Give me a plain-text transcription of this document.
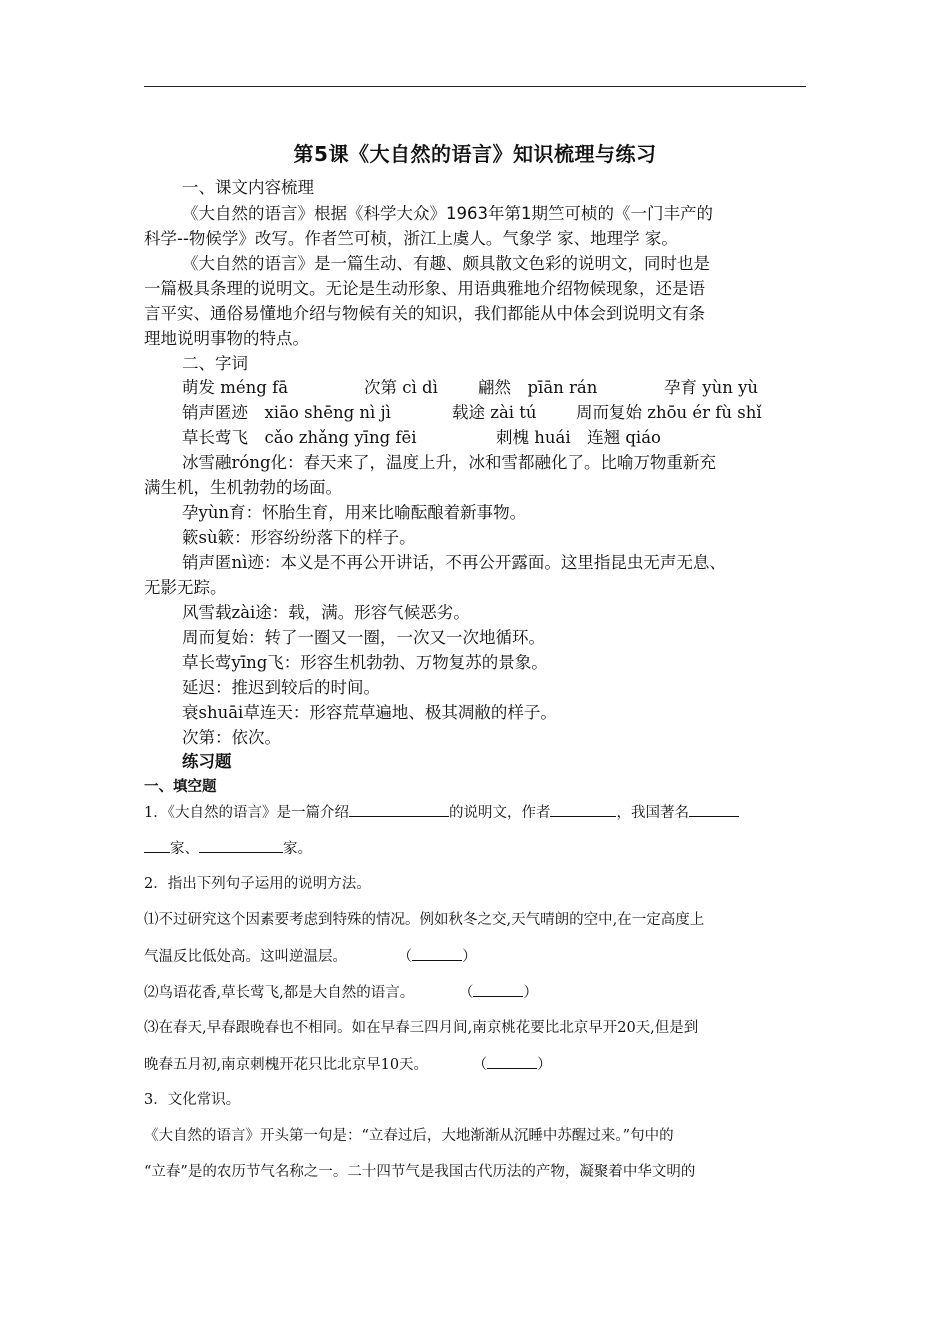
第5课《大自然的语言》知识梳理与练习
一、课文内容梳理
《大自然的语言》根据《科学大众》1963年第1期竺可桢的《一门丰产的
科学--物候学》改写。作者竺可桢，浙江上虞人。气象学 家、地理学 家。
《大自然的语言》是一篇生动、有趣、颇具散文色彩的说明文，同时也是
一篇极具条理的说明文。无论是生动形象、用语典雅地介绍物候现象，还是语
言平实、通俗易懂地介绍与物候有关的知识，我们都能从中体会到说明文有条
理地说明事物的特点。
二、字词
萌发 méng fā	次第 cì dì 翩然　pīān rán	孕育 yùn yù
销声匿迹　xiāo shēng nì jì	载途 zài tú 周而复始 zhōu ér fù shǐ
草长莺飞　cǎo zhǎng yīng fēi	刺槐 huái　连翘 qiáo
冰雪融róng化：春天来了，温度上升，冰和雪都融化了。比喻万物重新充
满生机，生机勃勃的场面。
孕yùn育：怀胎生育，用来比喻酝酿着新事物。
簌sù簌：形容纷纷落下的样子。
销声匿nì迹：本义是不再公开讲话，不再公开露面。这里指昆虫无声无息、
无影无踪。
风雪载zài途：载，满。形容气候恶劣。
周而复始：转了一圈又一圈，一次又一次地循环。
草长莺yīng飞：形容生机勃勃、万物复苏的景象。
延迟：推迟到较后的时间。
衰shuāi草连天：形容荒草遍地、极其凋敝的样子。
次第：依次。
练习题
一、填空题
1．《大自然的语言》是一篇介绍	的说明文，作者	，我国著名
家、	家。
2．指出下列句子运用的说明方法。
⑴不过研究这个因素要考虑到特殊的情况。例如秋冬之交,天气晴朗的空中,在一定高度上
气温反比低处高。这叫逆温层。	（	）
⑵鸟语花香,草长莺飞,都是大自然的语言。	（	）
⑶在春天,早春跟晚春也不相同。如在早春三四月间,南京桃花要比北京早开20天,但是到
晚春五月初,南京刺槐开花只比北京早10天。	（	）
3．文化常识。
《大自然的语言》开头第一句是：“立春过后，大地渐渐从沉睡中苏醒过来。”句中的
“立春”是的农历节气名称之一。二十四节气是我国古代历法的产物，凝聚着中华文明的
